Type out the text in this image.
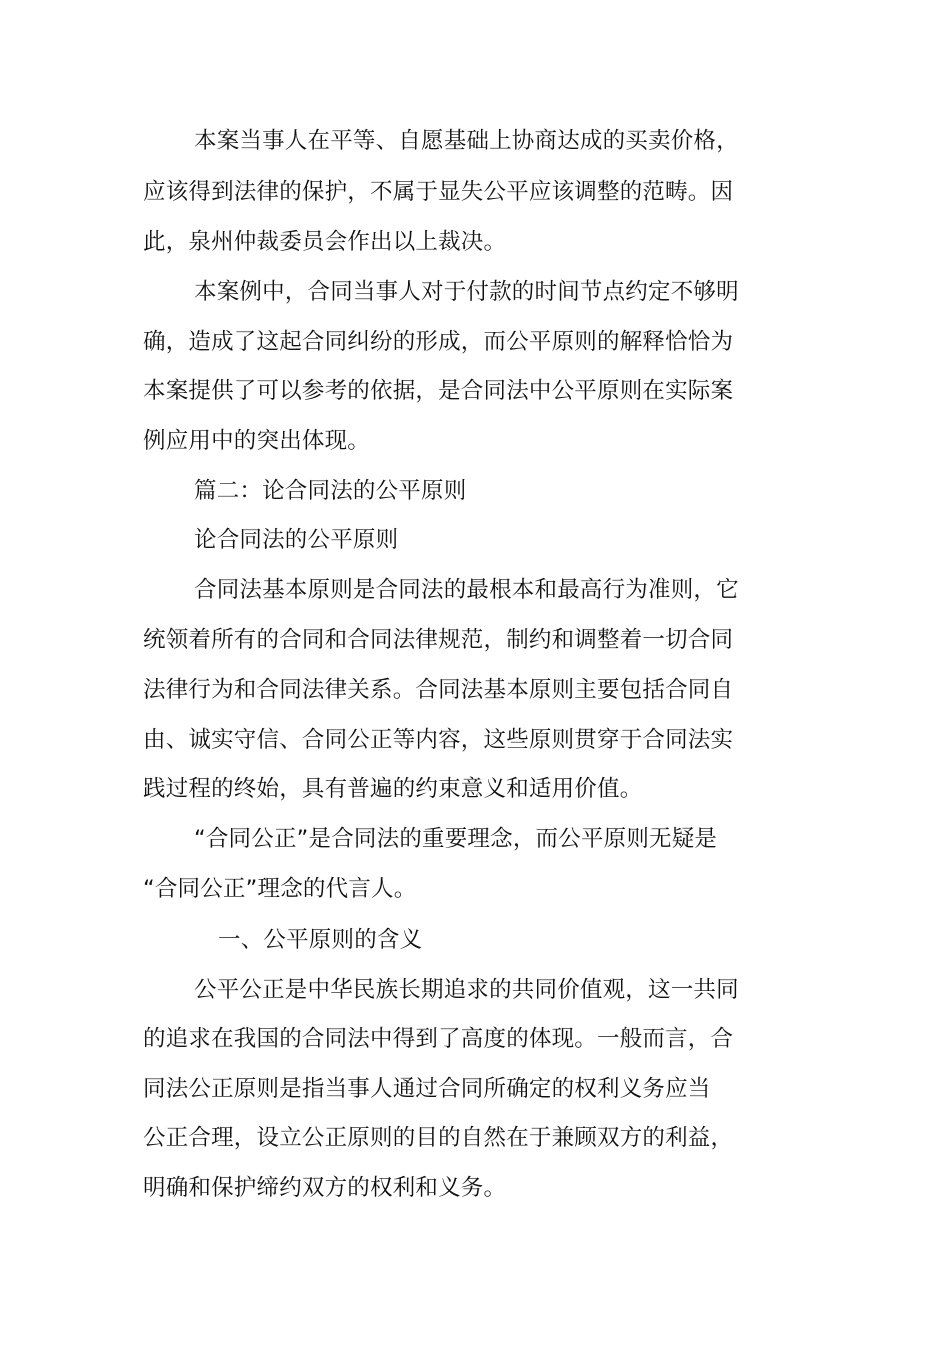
本案当事人在平等、自愿基础上协商达成的买卖价格，
应该得到法律的保护，不属于显失公平应该调整的范畴。因
此，泉州仲裁委员会作出以上裁决。
本案例中，合同当事人对于付款的时间节点约定不够明
确，造成了这起合同纠纷的形成，而公平原则的解释恰恰为
本案提供了可以参考的依据，是合同法中公平原则在实际案
例应用中的突出体现。
篇二：论合同法的公平原则
论合同法的公平原则
合同法基本原则是合同法的最根本和最高行为准则，它
统领着所有的合同和合同法律规范，制约和调整着一切合同
法律行为和合同法律关系。合同法基本原则主要包括合同自
由、诚实守信、合同公正等内容，这些原则贯穿于合同法实
践过程的终始，具有普遍的约束意义和适用价值。
“合同公正”是合同法的重要理念，而公平原则无疑是
“合同公正”理念的代言人。
一、公平原则的含义
公平公正是中华民族长期追求的共同价值观，这一共同
的追求在我国的合同法中得到了高度的体现。一般而言，合
同法公正原则是指当事人通过合同所确定的权利义务应当
公正合理，设立公正原则的目的自然在于兼顾双方的利益，
明确和保护缔约双方的权利和义务。
